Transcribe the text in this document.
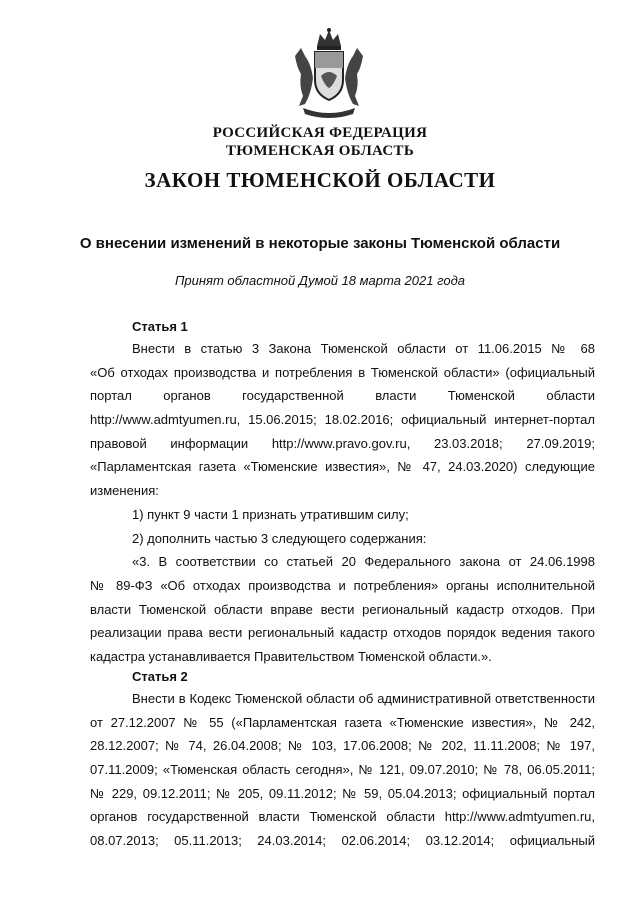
РОССИЙСКАЯ ФЕДЕРАЦИЯ
ТЮМЕНСКАЯ ОБЛАСТЬ
ЗАКОН ТЮМЕНСКОЙ ОБЛАСТИ
О внесении изменений в некоторые законы Тюменской области
Принят областной Думой 18 марта 2021 года
Статья 1
Внести в статью 3 Закона Тюменской области от 11.06.2015 № 68
«Об отходах производства и потребления в Тюменской области» (официальный
портал органов государственной власти Тюменской области
http://www.admtyumen.ru, 15.06.2015; 18.02.2016; официальный интернет-портал
правовой информации http://www.pravo.gov.ru, 23.03.2018; 27.09.2019;
«Парламентская газета «Тюменские известия», № 47, 24.03.2020) следующие
изменения:
1) пункт 9 части 1 признать утратившим силу;
2) дополнить частью 3 следующего содержания:
«3. В соответствии со статьей 20 Федерального закона от 24.06.1998
№ 89-ФЗ «Об отходах производства и потребления» органы исполнительной
власти Тюменской области вправе вести региональный кадастр отходов. При
реализации права вести региональный кадастр отходов порядок ведения такого
кадастра устанавливается Правительством Тюменской области.».
Статья 2
Внести в Кодекс Тюменской области об административной ответственности
от 27.12.2007 № 55 («Парламентская газета «Тюменские известия», № 242,
28.12.2007; № 74, 26.04.2008; № 103, 17.06.2008; № 202, 11.11.2008; № 197,
07.11.2009; «Тюменская область сегодня», № 121, 09.07.2010; № 78, 06.05.2011;
№ 229, 09.12.2011; № 205, 09.11.2012; № 59, 05.04.2013; официальный портал
органов государственной власти Тюменской области http://www.admtyumen.ru,
08.07.2013; 05.11.2013; 24.03.2014; 02.06.2014; 03.12.2014; официальный
